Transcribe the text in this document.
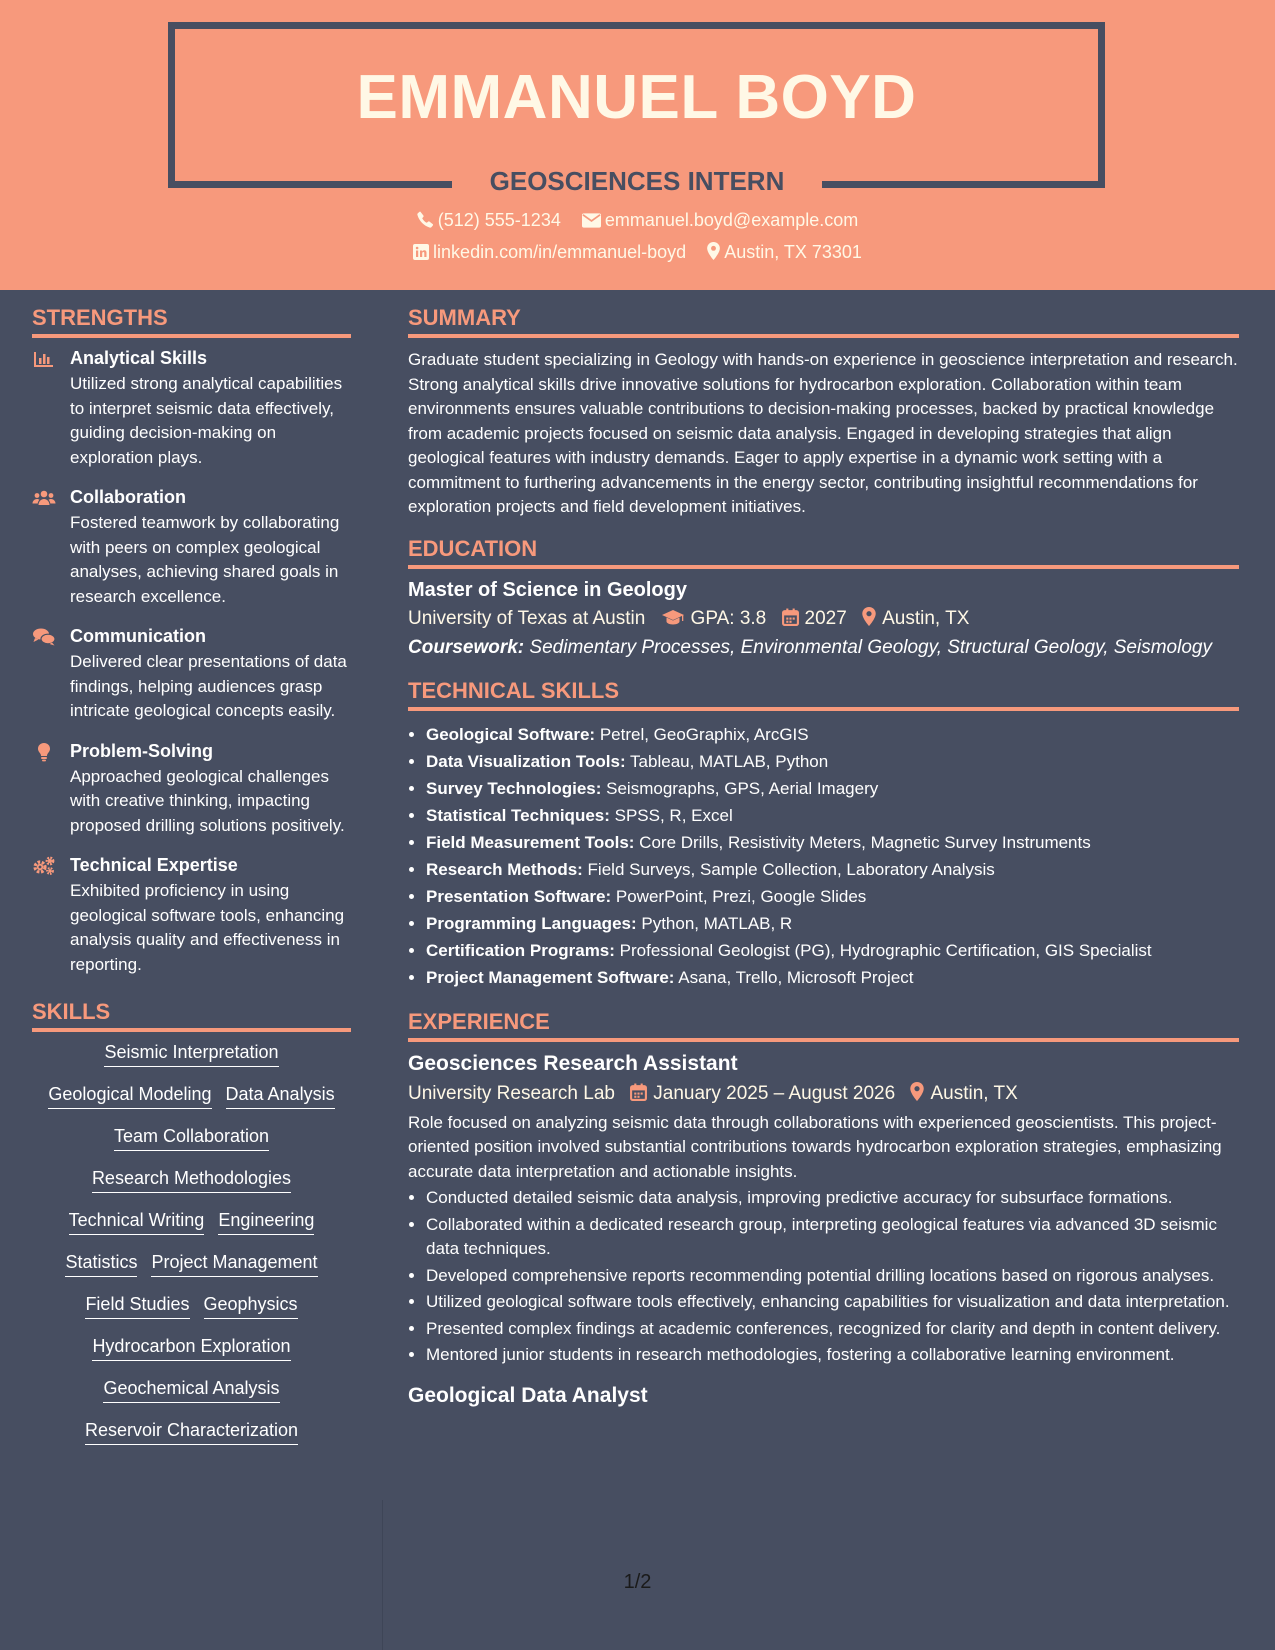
EMMANUEL BOYD
GEOSCIENCES INTERN
(512) 555-1234 emmanuel.boyd@example.com
linkedin.com/in/emmanuel-boyd Austin, TX 73301
STRENGTHS
Analytical Skills
Utilized strong analytical capabilities to interpret seismic data effectively, guiding decision-making on exploration plays.
Collaboration
Fostered teamwork by collaborating with peers on complex geological analyses, achieving shared goals in research excellence.
Communication
Delivered clear presentations of data findings, helping audiences grasp intricate geological concepts easily.
Problem-Solving
Approached geological challenges with creative thinking, impacting proposed drilling solutions positively.
Technical Expertise
Exhibited proficiency in using geological software tools, enhancing analysis quality and effectiveness in reporting.
SKILLS
Seismic Interpretation
Geological Modeling Data Analysis
Team Collaboration
Research Methodologies
Technical Writing Engineering
Statistics Project Management
Field Studies Geophysics
Hydrocarbon Exploration
Geochemical Analysis
Reservoir Characterization
SUMMARY
Graduate student specializing in Geology with hands-on experience in geoscience interpretation and research. Strong analytical skills drive innovative solutions for hydrocarbon exploration. Collaboration within team environments ensures valuable contributions to decision-making processes, backed by practical knowledge from academic projects focused on seismic data analysis. Engaged in developing strategies that align geological features with industry demands. Eager to apply expertise in a dynamic work setting with a commitment to furthering advancements in the energy sector, contributing insightful recommendations for exploration projects and field development initiatives.
EDUCATION
Master of Science in Geology
University of Texas at Austin GPA: 3.8 2027 Austin, TX
Coursework: Sedimentary Processes, Environmental Geology, Structural Geology, Seismology
TECHNICAL SKILLS
• Geological Software: Petrel, GeoGraphix, ArcGIS
• Data Visualization Tools: Tableau, MATLAB, Python
• Survey Technologies: Seismographs, GPS, Aerial Imagery
• Statistical Techniques: SPSS, R, Excel
• Field Measurement Tools: Core Drills, Resistivity Meters, Magnetic Survey Instruments
• Research Methods: Field Surveys, Sample Collection, Laboratory Analysis
• Presentation Software: PowerPoint, Prezi, Google Slides
• Programming Languages: Python, MATLAB, R
• Certification Programs: Professional Geologist (PG), Hydrographic Certification, GIS Specialist
• Project Management Software: Asana, Trello, Microsoft Project
EXPERIENCE
Geosciences Research Assistant
University Research Lab January 2025 – August 2026 Austin, TX
Role focused on analyzing seismic data through collaborations with experienced geoscientists. This project-oriented position involved substantial contributions towards hydrocarbon exploration strategies, emphasizing accurate data interpretation and actionable insights.
• Conducted detailed seismic data analysis, improving predictive accuracy for subsurface formations.
• Collaborated within a dedicated research group, interpreting geological features via advanced 3D seismic data techniques.
• Developed comprehensive reports recommending potential drilling locations based on rigorous analyses.
• Utilized geological software tools effectively, enhancing capabilities for visualization and data interpretation.
• Presented complex findings at academic conferences, recognized for clarity and depth in content delivery.
• Mentored junior students in research methodologies, fostering a collaborative learning environment.
Geological Data Analyst
1/2
